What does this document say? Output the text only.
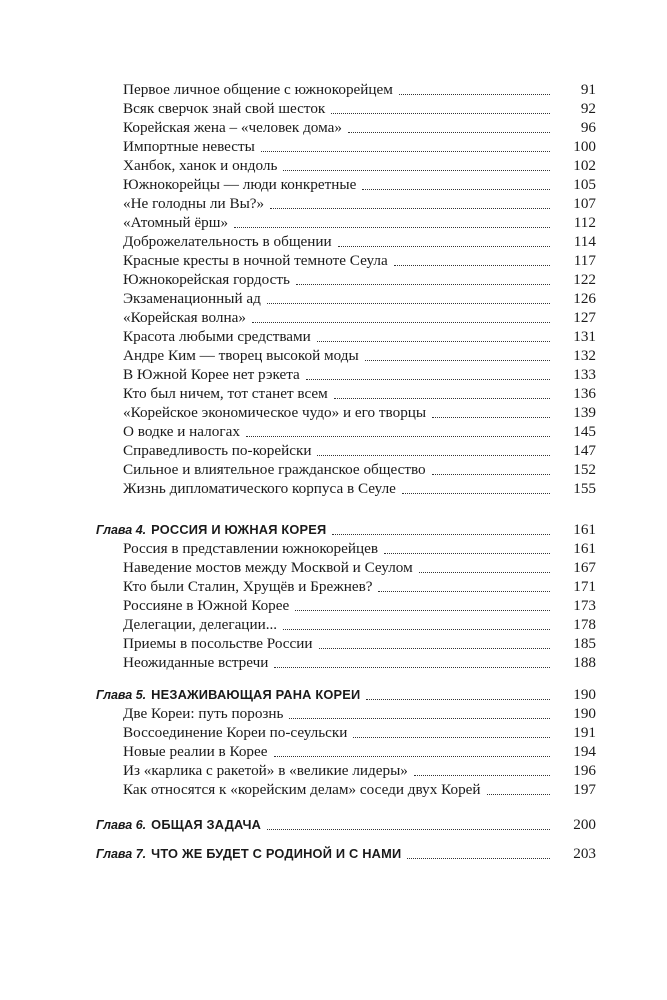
Первое личное общение с южнокорейцем	91
Всяк сверчок знай свой шесток	92
Корейская жена – «человек дома»	96
Импортные невесты	100
Ханбок, ханок и ондоль	102
Южнокорейцы — люди конкретные	105
«Не голодны ли Вы?»	107
«Атомный ёрш»	112
Доброжелательность в общении	114
Красные кресты в ночной темноте Сеула	117
Южнокорейская гордость	122
Экзаменационный ад	126
«Корейская волна»	127
Красота любыми средствами	131
Андре Ким — творец высокой моды	132
В Южной Корее нет рэкета	133
Кто был ничем, тот станет всем	136
«Корейское экономическое чудо» и его творцы	139
О водке и налогах	145
Справедливость по-корейски	147
Сильное и влиятельное гражданское общество	152
Жизнь дипломатического корпуса в Сеуле	155
Глава 4. РОССИЯ И ЮЖНАЯ КОРЕЯ	161
Россия в представлении южнокорейцев	161
Наведение мостов между Москвой и Сеулом	167
Кто были Сталин, Хрущёв и Брежнев?	171
Россияне в Южной Корее	173
Делегации, делегации...	178
Приемы в посольстве России	185
Неожиданные встречи	188
Глава 5. НЕЗАЖИВАЮЩАЯ РАНА КОРЕИ	190
Две Кореи: путь порознь	190
Воссоединение Кореи по-сеульски	191
Новые реалии в Корее	194
Из «карлика с ракетой» в «великие лидеры»	196
Как относятся к «корейским делам» соседи двух Корей	197
Глава 6. ОБЩАЯ ЗАДАЧА	200
Глава 7. ЧТО ЖЕ БУДЕТ С РОДИНОЙ И С НАМИ	203
